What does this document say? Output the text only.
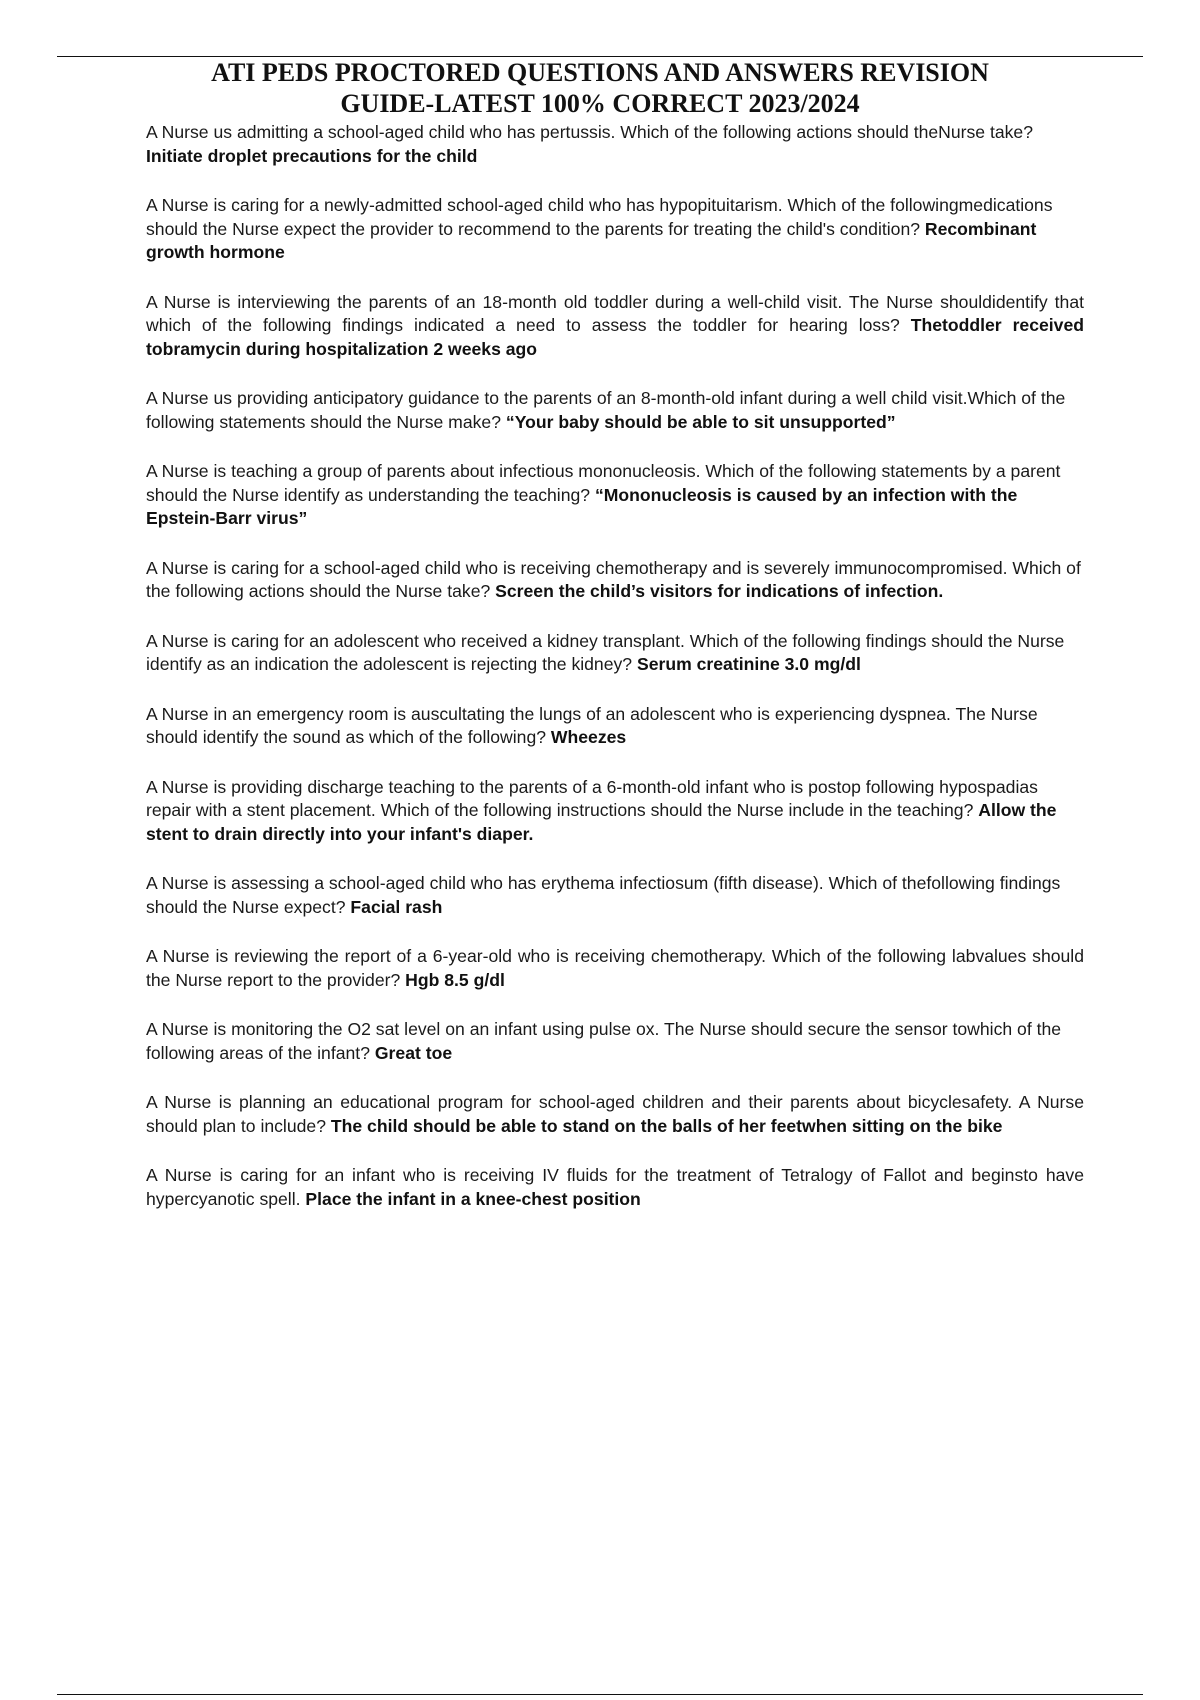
ATI PEDS PROCTORED QUESTIONS AND ANSWERS REVISION
GUIDE-LATEST 100% CORRECT 2023/2024

A Nurse us admitting a school-aged child who has pertussis. Which of the following actions should theNurse take? Initiate droplet precautions for the child

A Nurse is caring for a newly-admitted school-aged child who has hypopituitarism. Which of the followingmedications should the Nurse expect the provider to recommend to the parents for treating the child's condition? Recombinant growth hormone

A Nurse is interviewing the parents of an 18-month old toddler during a well-child visit. The Nurse shouldidentify that which of the following findings indicated a need to assess the toddler for hearing loss? Thetoddler received tobramycin during hospitalization 2 weeks ago

A Nurse us providing anticipatory guidance to the parents of an 8-month-old infant during a well child visit.Which of the following statements should the Nurse make? “Your baby should be able to sit unsupported”

A Nurse is teaching a group of parents about infectious mononucleosis. Which of the following statements by a parent should the Nurse identify as understanding the teaching? “Mononucleosis is caused by an infection with the Epstein-Barr virus”

A Nurse is caring for a school-aged child who is receiving chemotherapy and is severely immunocompromised. Which of the following actions should the Nurse take? Screen the child’s visitors for indications of infection.

A Nurse is caring for an adolescent who received a kidney transplant. Which of the following findings should the Nurse identify as an indication the adolescent is rejecting the kidney? Serum creatinine 3.0 mg/dl

A Nurse in an emergency room is auscultating the lungs of an adolescent who is experiencing dyspnea. The Nurse should identify the sound as which of the following? Wheezes

A Nurse is providing discharge teaching to the parents of a 6-month-old infant who is postop following hypospadias repair with a stent placement. Which of the following instructions should the Nurse include in the teaching? Allow the stent to drain directly into your infant's diaper.

A Nurse is assessing a school-aged child who has erythema infectiosum (fifth disease). Which of thefollowing findings should the Nurse expect? Facial rash

A Nurse is reviewing the report of a 6-year-old who is receiving chemotherapy. Which of the following labvalues should the Nurse report to the provider? Hgb 8.5 g/dl

A Nurse is monitoring the O2 sat level on an infant using pulse ox. The Nurse should secure the sensor towhich of the following areas of the infant? Great toe

A Nurse is planning an educational program for school-aged children and their parents about bicyclesafety. A Nurse should plan to include? The child should be able to stand on the balls of her feetwhen sitting on the bike

A Nurse is caring for an infant who is receiving IV fluids for the treatment of Tetralogy of Fallot and beginsto have hypercyanotic spell. Place the infant in a knee-chest position
